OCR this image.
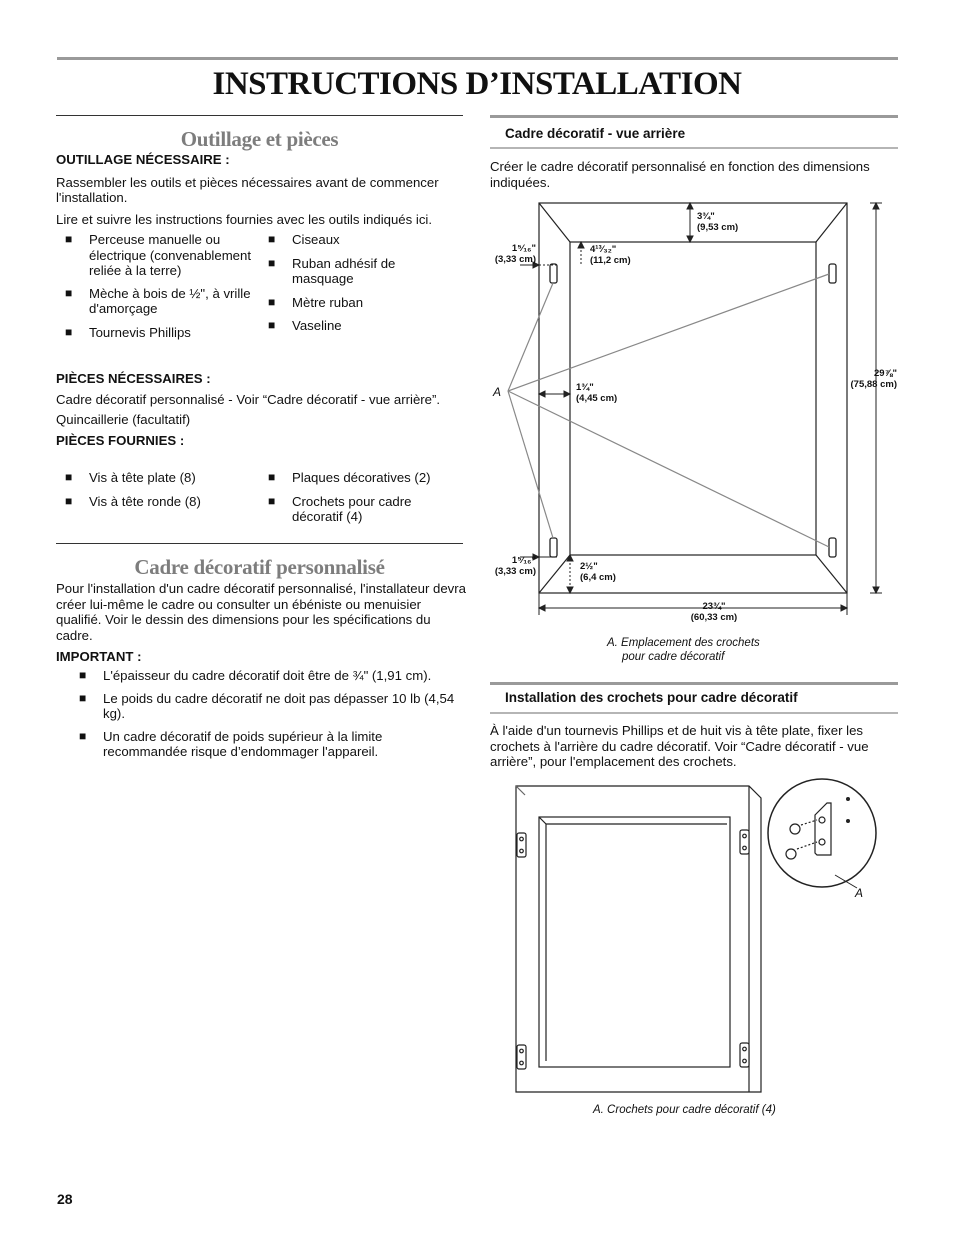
INSTRUCTIONS D’INSTALLATION
Outillage et pièces

OUTILLAGE NÉCESSAIRE :

Rassembler les outils et pièces nécessaires avant de commencer l'installation.

Lire et suivre les instructions fournies avec les outils indiqués ici.

■ Perceuse manuelle ou électrique (convenablement reliée à la terre)

■ Mèche à bois de ½", à vrille d'amorçage

■ Tournevis Phillips

■ Ciseaux

■ Ruban adhésif de masquage

■ Mètre ruban

■ Vaseline

PIÈCES NÉCESSAIRES :

Cadre décoratif personnalisé - Voir “Cadre décoratif - vue arrière”.

Quincaillerie (facultatif)

PIÈCES FOURNIES :

■ Vis à tête plate (8)

■ Vis à tête ronde (8)

■ Plaques décoratives (2)

■ Crochets pour cadre décoratif (4)

Cadre décoratif personnalisé

Pour l'installation d'un cadre décoratif personnalisé, l'installateur devra créer lui-même le cadre ou consulter un ébéniste ou menuisier qualifié. Voir le dessin des dimensions pour les spécifications du cadre.

IMPORTANT :

■ L'épaisseur du cadre décoratif doit être de ¾" (1,91 cm).

■ Le poids du cadre décoratif ne doit pas dépasser 10 lb (4,54 kg).

■ Un cadre décoratif de poids supérieur à la limite recommandée risque d’endommager l'appareil.

Cadre décoratif - vue arrière

Créer le cadre décoratif personnalisé en fonction des dimensions indiquées.

3¾"
(9,53 cm)
4¹³⁄₃₂"
(11,2 cm)
1⁵⁄₁₆"
(3,33 cm)
1¾"
(4,45 cm)
29⅞"
(75,88 cm)
1⁵⁄₁₆"
(3,33 cm)	2½"
(6,4 cm)
23¾"
(60,33 cm)
A
A. Emplacement des crochets
pour cadre décoratif
Installation des crochets pour cadre décoratif

À l'aide d'un tournevis Phillips et de huit vis à tête plate, fixer les crochets à l'arrière du cadre décoratif. Voir “Cadre décoratif - vue arrière”, pour l'emplacement des crochets.

A
A. Crochets pour cadre décoratif (4)
28
